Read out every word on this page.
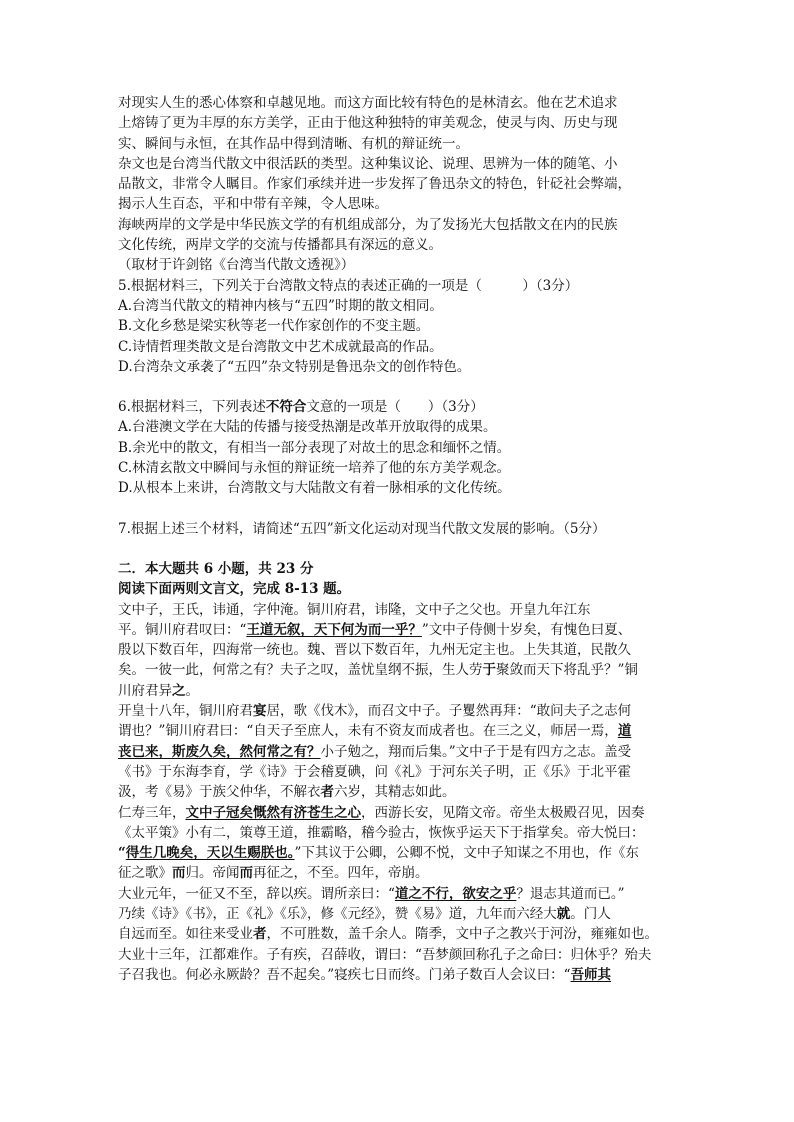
对现实人生的悉心体察和卓越见地。而这方面比较有特色的是林清玄。他在艺术追求

上熔铸了更为丰厚的东方美学，正由于他这种独特的审美观念，使灵与肉、历史与现

实、瞬间与永恒，在其作品中得到清晰、有机的辩证统一。

杂文也是台湾当代散文中很活跃的类型。这种集议论、说理、思辨为一体的随笔、小

品散文，非常令人瞩目。作家们承续并进一步发挥了鲁迅杂文的特色，针砭社会弊端，

揭示人生百态，平和中带有辛辣，令人思味。

海峡两岸的文学是中华民族文学的有机组成部分，为了发扬光大包括散文在内的民族

文化传统，两岸文学的交流与传播都具有深远的意义。

（取材于许剑铭《台湾当代散文透视》）

5.根据材料三，下列关于台湾散文特点的表述正确的一项是（　　　）（3分）

A.台湾当代散文的精神内核与“五四”时期的散文相同。

B.文化乡愁是梁实秋等老一代作家创作的不变主题。

C.诗情哲理类散文是台湾散文中艺术成就最高的作品。

D.台湾杂文承袭了“五四”杂文特别是鲁迅杂文的创作特色。

6.根据材料三，下列表述不符合文意的一项是（　　）（3分）

A.台港澳文学在大陆的传播与接受热潮是改革开放取得的成果。

B.余光中的散文，有相当一部分表现了对故土的思念和缅怀之情。

C.林清玄散文中瞬间与永恒的辩证统一培养了他的东方美学观念。

D.从根本上来讲，台湾散文与大陆散文有着一脉相承的文化传统。

7.根据上述三个材料，请简述“五四”新文化运动对现当代散文发展的影响。（5分）

二．本大题共 6 小题，共 23 分

阅读下面两则文言文，完成 8-13 题。

文中子，王氏，讳通，字仲淹。铜川府君，讳隆，文中子之父也。开皇九年江东

平。铜川府君叹曰：“王道无叙，天下何为而一乎？”文中子侍侧十岁矣，有愧色曰夏、

殷以下数百年，四海常一统也。魏、晋以下数百年，九州无定主也。上失其道，民散久

矣。一彼一此，何常之有？夫子之叹，盖忧皇纲不振，生人劳于聚敛而天下将乱乎？”铜

川府君异之。

开皇十八年，铜川府君宴居，歌《伐木》，而召文中子。子矍然再拜：“敢问夫子之志何

谓也？”铜川府君曰：“自天子至庶人，未有不资友而成者也。在三之义，师居一焉，道

丧已来，斯废久矣，然何常之有？小子勉之，翔而后集。”文中子于是有四方之志。盖受

《书》于东海李育，学《诗》于会稽夏碘，问《礼》于河东关子明，正《乐》于北平霍

汲，考《易》于族父仲华，不解衣者六岁，其精志如此。

仁寿三年，文中子冠矣慨然有济苍生之心，西游长安，见隋文帝。帝坐太极殿召见，因奏

《太平策》小有二，策尊王道，推霸略，稽今验古，恢恢乎运天下于指掌矣。帝大悦曰：

“得生几晚矣，天以生赐朕也。”下其议于公卿，公卿不悦，文中子知谋之不用也，作《东

征之歌》而归。帝闻而再征之，不至。四年，帝崩。

大业元年，一征又不至，辞以疾。谓所亲曰：“道之不行，欲安之乎？退志其道而已。”

乃续《诗》《书》，正《礼》《乐》，修《元经》，赞《易》道，九年而六经大就。门人

自远而至。如往来受业者，不可胜数，盖千余人。隋季，文中子之教兴于河汾，雍雍如也。

大业十三年，江都难作。子有疾，召薛收，谓曰：“吾梦颜回称孔子之命曰：归休乎？殆夫

子召我也。何必永厥龄？吾不起矣。”寝疾七日而终。门弟子数百人会议曰：“吾师其
